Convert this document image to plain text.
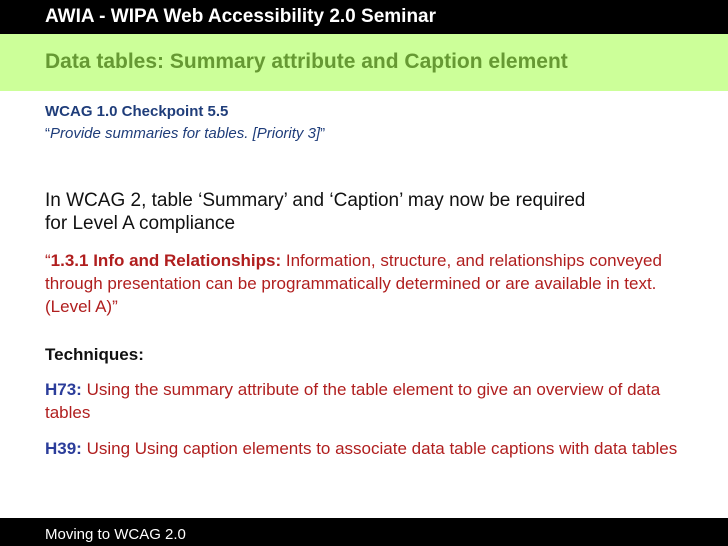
AWIA - WIPA Web Accessibility 2.0 Seminar
Data tables: Summary attribute and Caption element
WCAG 1.0 Checkpoint 5.5
“Provide summaries for tables. [Priority 3]”
In WCAG 2, table ‘Summary’ and ‘Caption’ may now be required for Level A compliance
“1.3.1 Info and Relationships: Information, structure, and relationships conveyed through presentation can be programmatically determined or are available in text. (Level A)”
Techniques:
H73: Using the summary attribute of the table element to give an overview of data tables
H39: Using Using caption elements to associate data table captions with data tables
Moving to WCAG 2.0
